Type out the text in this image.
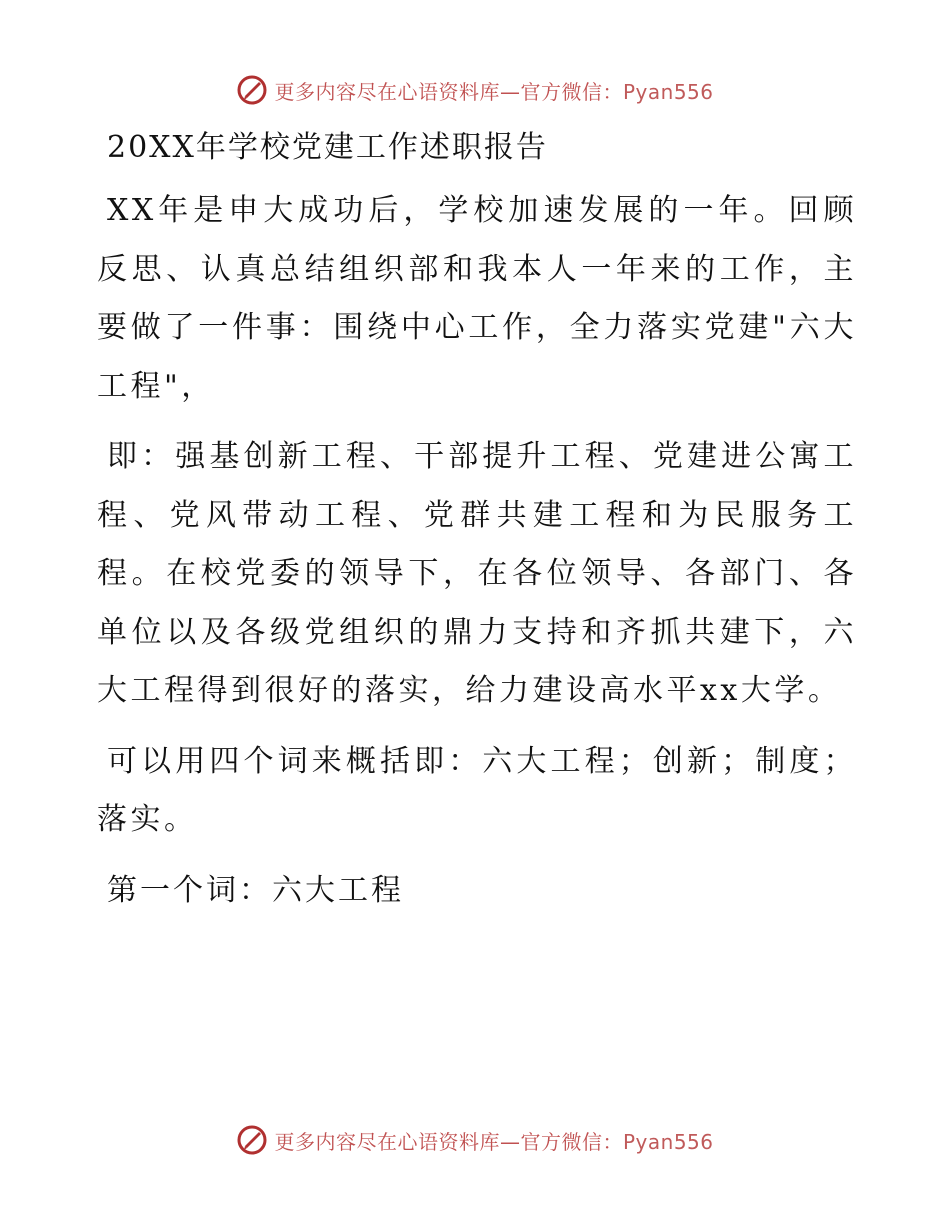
更多内容尽在心语资料库—官方微信：Pyan556
20XX年学校党建工作述职报告

XX年是申大成功后，学校加速发展的一年。回顾反思、认真总结组织部和我本人一年来的工作，主要做了一件事：围绕中心工作，全力落实党建"六大工程"，

即：强基创新工程、干部提升工程、党建进公寓工程、党风带动工程、党群共建工程和为民服务工程。在校党委的领导下，在各位领导、各部门、各单位以及各级党组织的鼎力支持和齐抓共建下，六大工程得到很好的落实，给力建设高水平xx大学。

可以用四个词来概括即：六大工程；创新；制度；落实。

第一个词：六大工程

更多内容尽在心语资料库—官方微信：Pyan556
